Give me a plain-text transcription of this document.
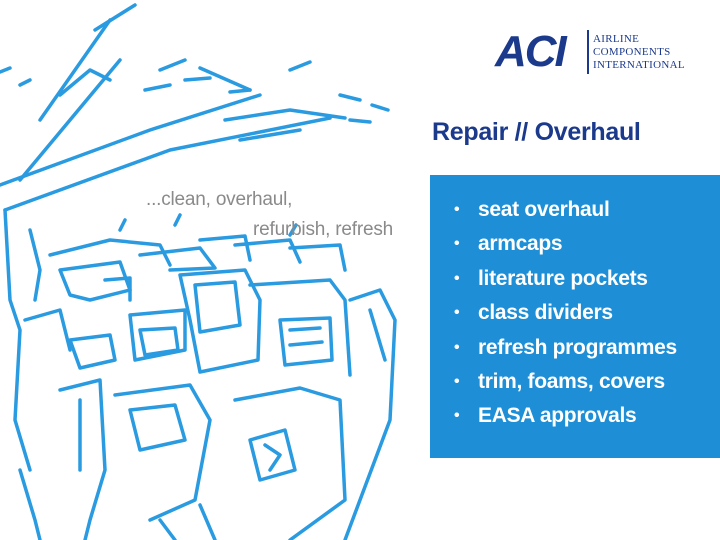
...clean, overhaul,
refurbish, refresh
ACI	AIRLINE
COMPONENTS
INTERNATIONAL
Repair // Overhaul
• seat overhaul
• armcaps
• literature pockets
• class dividers
• refresh programmes
• trim, foams, covers
• EASA approvals
